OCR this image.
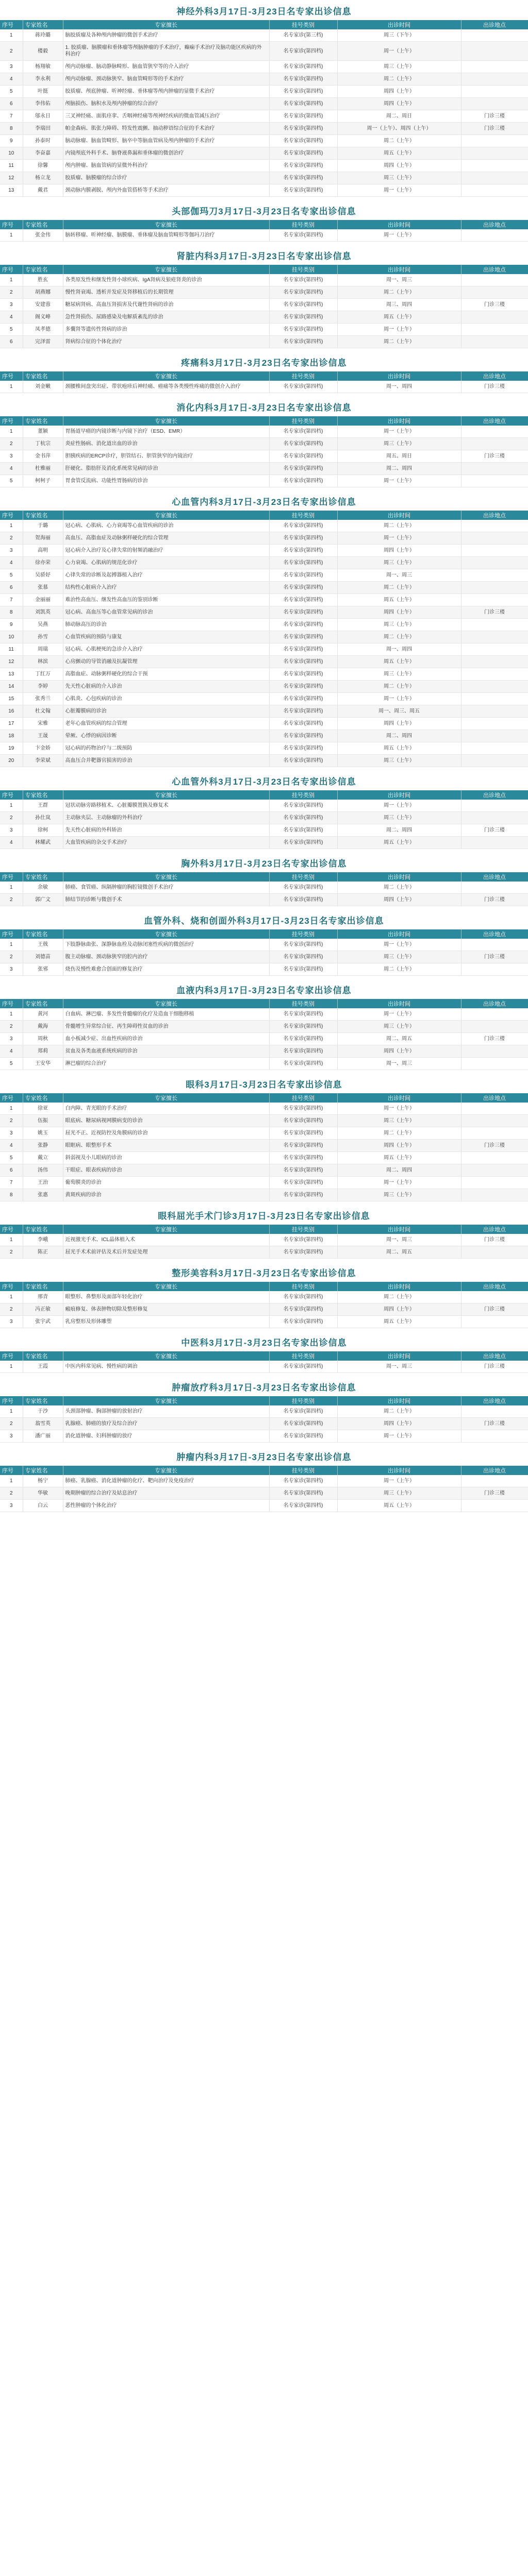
神经外科3月17日-3月23日名专家出诊信息
序号	专家姓名	专家擅长	挂号类别	出诊时间	出诊地点
1	蒋玲璐	脑胶质瘤及各种颅内肿瘤的微创手术治疗	名专家诊(第三档)	周三（下午）	
2	楼毅	1. 胶质瘤、脑膜瘤和垂体瘤等颅脑肿瘤的手术治疗，癫痫手术治疗及脑功能区疾病的外科治疗	名专家诊(第四档)	周一（上午）	
3	杨翔敏	颅内动脉瘤、脑动静脉畸形、脑血管狭窄等的介入治疗	名专家诊(第四档)	周三（上午）	
4	李永利	颅内动脉瘤、颈动脉狭窄、脑血管畸形等的手术治疗	名专家诊(第四档)	周二（上午）	
5	叶挺	胶质瘤、颅底肿瘤、听神经瘤、垂体瘤等颅内肿瘤的显微手术治疗	名专家诊(第四档)	周四（上午）	
6	李伟佑	颅脑损伤、脑积水及颅内肿瘤的综合治疗	名专家诊(第四档)	周四（上午）	
7	邬永日	三叉神经痛、面肌痉挛、舌咽神经痛等颅神经疾病的微血管减压治疗	名专家诊(第四档)	周二、周日	门诊三楼
8	李瑞田	帕金森病、肌张力障碍、特发性震颤、抽动秽语综合征的手术治疗	名专家诊(第四档)	周一（上午）、周四（上午）	门诊三楼
9	孙泰时	脑动脉瘤、脑血管畸形、脑卒中等脑血管病及颅内肿瘤的手术治疗	名专家诊(第四档)	周二（上午）	
10	李奋嘉	内镜颅底外科手术、脑脊液鼻漏和垂体瘤的微创治疗	名专家诊(第四档)	周五（上午）	
11	徐馨	颅内肿瘤、脑血管病的显微外科治疗	名专家诊(第四档)	周四（上午）	
12	杨立龙	胶质瘤、脑膜瘤的综合诊疗	名专家诊(第四档)	周三（上午）	
13	戴君	颈动脉内膜剥脱、颅内外血管搭桥等手术治疗	名专家诊(第四档)	周一（上午）	
头部伽玛刀3月17日-3月23日名专家出诊信息
序号	专家姓名	专家擅长	挂号类别	出诊时间	出诊地点
1	张金伟	脑转移瘤、听神经瘤、脑膜瘤、垂体瘤及脑血管畸形等伽玛刀治疗	名专家诊(第四档)	周一（上午）	
肾脏内科3月17日-3月23日名专家出诊信息
序号	专家姓名	专家擅长	挂号类别	出诊时间	出诊地点
1	胜玄	各类原发性和继发性肾小球疾病、IgA肾病及狼疮肾炎的诊治	名专家诊(第四档)	周一、周三	
2	胡燕娜	慢性肾衰竭、透析并发症及肾移植后的长期管理	名专家诊(第四档)	周二（上午）	
3	安建蓉	糖尿病肾病、高血压肾损害及代谢性肾病的诊治	名专家诊(第四档)	周三、周四	门诊三楼
4	阁义峰	急性肾损伤、尿路感染及电解质紊乱的诊治	名专家诊(第四档)	周五（上午）	
5	凤孝德	多囊肾等遗传性肾病的诊治	名专家诊(第四档)	周一（上午）	
6	完泽雷	肾病综合征的个体化治疗	名专家诊(第四档)	周二（上午）	
疼痛科3月17日-3月23日名专家出诊信息
序号	专家姓名	专家擅长	挂号类别	出诊时间	出诊地点
1	刘金嫩	颈腰椎间盘突出症、带状疱疹后神经痛、癌痛等各类慢性疼痛的微创介入治疗	名专家诊(第四档)	周一、周四	门诊三楼
消化内科3月17日-3月23日名专家出诊信息
序号	专家姓名	专家擅长	挂号类别	出诊时间	出诊地点
1	董颖	胃肠道早癌的内镜诊断与内镜下治疗（ESD、EMR）	名专家诊(第四档)	周一（上午）	
2	丁杭宗	炎症性肠病、消化道出血的诊治	名专家诊(第四档)	周三（上午）	
3	金书萍	胆胰疾病的ERCP诊疗，胆管结石、胆管狭窄的内镜治疗	名专家诊(第四档)	周五、周日	门诊三楼
4	杜雅丽	肝硬化、脂肪肝及消化系统常见病的诊治	名专家诊(第四档)	周二、周四	
5	柯柯子	胃食管反流病、功能性胃肠病的诊治	名专家诊(第四档)	周一（上午）	
心血管内科3月17日-3月23日名专家出诊信息
序号	专家姓名	专家擅长	挂号类别	出诊时间	出诊地点
1	于璐	冠心病、心肌病、心力衰竭等心血管疾病的诊治	名专家诊(第四档)	周二（上午）	
2	贺海丽	高血压、高脂血症及动脉粥样硬化的综合管理	名专家诊(第四档)	周一（上午）	
3	高明	冠心病介入治疗及心律失常的射频消融治疗	名专家诊(第四档)	周四（上午）	
4	徐亦荣	心力衰竭、心肌病的规范化诊疗	名专家诊(第四档)	周三（上午）	
5	吴骄妤	心律失常的诊断及起搏器植入治疗	名专家诊(第四档)	周一、周三	
6	张慕	结构性心脏病介入治疗	名专家诊(第四档)	周二（上午）	
7	金丽丽	难治性高血压、继发性高血压的鉴别诊断	名专家诊(第四档)	周五（上午）	
8	刘凯英	冠心病、高血压等心血管常见病的诊治	名专家诊(第四档)	周四（上午）	门诊三楼
9	吴燕	肺动脉高压的诊治	名专家诊(第四档)	周三（上午）	
10	孙雪	心血管疾病的预防与康复	名专家诊(第四档)	周二（上午）	
11	周瑞	冠心病、心肌梗死的急诊介入治疗	名专家诊(第四档)	周一、周四	
12	林滨	心房颤动的导管消融及抗凝管理	名专家诊(第四档)	周五（上午）	
13	丁红万	高脂血症、动脉粥样硬化的综合干预	名专家诊(第四档)	周三（上午）	
14	李婷	先天性心脏病的介入诊治	名专家诊(第四档)	周二（上午）	
15	张秀兰	心肌炎、心包疾病的诊治	名专家诊(第四档)	周一（上午）	
16	杜文翰	心脏瓣膜病的诊治	名专家诊(第四档)	周一、周三、周五	
17	宋雅	老年心血管疾病的综合管理	名专家诊(第四档)	周四（上午）	
18	王晟	晕厥、心悸的病因诊断	名专家诊(第四档)	周二、周四	
19	卞金娇	冠心病的药物治疗与二级预防	名专家诊(第四档)	周五（上午）	
20	李荣斌	高血压合并靶器官损害的诊治	名专家诊(第四档)	周三（上午）	
心血管外科3月17日-3月23日名专家出诊信息
序号	专家姓名	专家擅长	挂号类别	出诊时间	出诊地点
1	王群	冠状动脉旁路移植术、心脏瓣膜置换及修复术	名专家诊(第四档)	周一（上午）	
2	孙仕岚	主动脉夹层、主动脉瘤的外科治疗	名专家诊(第四档)	周三（上午）	
3	徐柯	先天性心脏病的外科矫治	名专家诊(第四档)	周二、周四	门诊三楼
4	林耀武	大血管疾病的杂交手术治疗	名专家诊(第四档)	周五（上午）	
胸外科3月17日-3月23日名专家出诊信息
序号	专家姓名	专家擅长	挂号类别	出诊时间	出诊地点
1	余敏	肺癌、食管癌、纵隔肿瘤的胸腔镜微创手术治疗	名专家诊(第四档)	周二（上午）	
2	郭广文	肺结节的诊断与微创手术	名专家诊(第四档)	周四（上午）	门诊三楼
血管外科、烧和创面外科3月17日-3月23日名专家出诊信息
序号	专家姓名	专家擅长	挂号类别	出诊时间	出诊地点
1	王戟	下肢静脉曲张、深静脉血栓及动脉闭塞性疾病的微创治疗	名专家诊(第四档)	周一（上午）	
2	刘德苗	腹主动脉瘤、颈动脉狭窄的腔内治疗	名专家诊(第四档)	周三（上午）	门诊三楼
3	张邪	烧伤及慢性难愈合创面的修复治疗	名专家诊(第四档)	周二（上午）	
血液内科3月17日-3月23日名专家出诊信息
序号	专家姓名	专家擅长	挂号类别	出诊时间	出诊地点
1	黄河	白血病、淋巴瘤、多发性骨髓瘤的化疗及造血干细胞移植	名专家诊(第四档)	周一（上午）	
2	戴海	骨髓增生异常综合征、再生障碍性贫血的诊治	名专家诊(第四档)	周三（上午）	
3	周秋	血小板减少症、出血性疾病的诊治	名专家诊(第四档)	周二、周五	门诊三楼
4	郑莉	贫血及各类血液系统疾病的诊治	名专家诊(第四档)	周四（上午）	
5	王安华	淋巴瘤的综合治疗	名专家诊(第四档)	周一、周三	
眼科3月17日-3月23日名专家出诊信息
序号	专家姓名	专家擅长	挂号类别	出诊时间	出诊地点
1	徐亚	白内障、青光眼的手术治疗	名专家诊(第四档)	周一（上午）	
2	伍振	眼底病、糖尿病视网膜病变的诊治	名专家诊(第四档)	周三（上午）	
3	姚玉	屈光不正、近视防控及角膜病的诊治	名专家诊(第四档)	周二（上午）	
4	张静	眼眶病、眼整形手术	名专家诊(第四档)	周四（上午）	门诊三楼
5	戴立	斜弱视及小儿眼病的诊治	名专家诊(第四档)	周五（上午）	
6	汤伟	干眼症、眼表疾病的诊治	名专家诊(第四档)	周二、周四	
7	王治	葡萄膜炎的诊治	名专家诊(第四档)	周一（上午）	
8	张惠	黄斑疾病的诊治	名专家诊(第四档)	周三（上午）	
眼科屈光手术门诊3月17日-3月23日名专家出诊信息
序号	专家姓名	专家擅长	挂号类别	出诊时间	出诊地点
1	李峨	近视激光手术、ICL晶体植入术	名专家诊(第四档)	周一、周三	门诊三楼
2	陈正	屈光手术术前评估及术后并发症处理	名专家诊(第四档)	周二、周五	
整形美容科3月17日-3月23日名专家出诊信息
序号	专家姓名	专家擅长	挂号类别	出诊时间	出诊地点
1	邢青	眼整形、鼻整形及面部年轻化治疗	名专家诊(第四档)	周二（上午）	
2	冯正敏	瘢痕修复、体表肿物切除及整形修复	名专家诊(第四档)	周四（上午）	门诊三楼
3	张宇武	乳房整形及形体雕塑	名专家诊(第四档)	周五（上午）	
中医科3月17日-3月23日名专家出诊信息
序号	专家姓名	专家擅长	挂号类别	出诊时间	出诊地点
1	王霞	中医内科常见病、慢性病的调治	名专家诊(第四档)	周一、周三	门诊三楼
肿瘤放疗科3月17日-3月23日名专家出诊信息
序号	专家姓名	专家擅长	挂号类别	出诊时间	出诊地点
1	于沙	头颈部肿瘤、胸部肿瘤的放射治疗	名专家诊(第四档)	周二（上午）	
2	翁雪英	乳腺癌、肺癌的放疗及综合治疗	名专家诊(第四档)	周四（上午）	门诊三楼
3	潘广丽	消化道肿瘤、妇科肿瘤的放疗	名专家诊(第四档)	周一（上午）	
肿瘤内科3月17日-3月23日名专家出诊信息
序号	专家姓名	专家擅长	挂号类别	出诊时间	出诊地点
1	杨宁	肺癌、乳腺癌、消化道肿瘤的化疗、靶向治疗及免疫治疗	名专家诊(第四档)	周一（上午）	
2	华敏	晚期肿瘤的综合治疗及姑息治疗	名专家诊(第四档)	周三（上午）	门诊三楼
3	白云	恶性肿瘤的个体化治疗	名专家诊(第四档)	周五（上午）	
